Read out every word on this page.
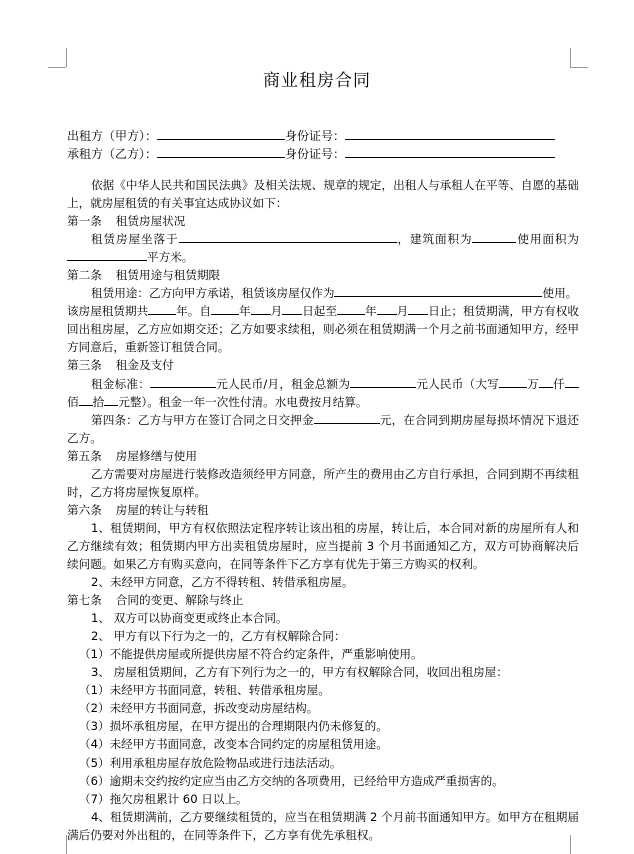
商业租房合同
出租方（甲方）：	身份证号：
承租方（乙方）：	身份证号：

依据《中华人民共和国民法典》及相关法规、规章的规定，出租人与承租人在平等、自愿的基础上，就房屋租赁的有关事宜达成协议如下：

第一条 租赁房屋状况

租赁房屋坐落于	，建筑面积为	使用面积为平方米。

第二条 租赁用途与租赁期限

租赁用途：乙方向甲方承诺，租赁该房屋仅作为	使用。

该房屋租赁期共 年。自 年 月 日起至 年 月 日止；租赁期满，甲方有权收回出租房屋，乙方应如期交还；乙方如要求续租，则必须在租赁期满一个月之前书面通知甲方，经甲方同意后，重新签订租赁合同。

第三条 租金及支付

租金标准：	元人民币/月，租金总额为	元人民币（大写 万 仟佰 拾 元整）。租金一年一次性付清。水电费按月结算。

第四条：乙方与甲方在签订合同之日交押金	元，在合同到期房屋每损坏情况下退还乙方。

第五条 房屋修缮与使用

乙方需要对房屋进行装修改造须经甲方同意，所产生的费用由乙方自行承担，合同到期不再续租时，乙方将房屋恢复原样。

第六条 房屋的转让与转租

1、租赁期间，甲方有权依照法定程序转让该出租的房屋，转让后，本合同对新的房屋所有人和乙方继续有效；租赁期内甲方出卖租赁房屋时，应当提前 3 个月书面通知乙方，双方可协商解决后续问题。如果乙方有购买意向，在同等条件下乙方享有优先于第三方购买的权利。

2、未经甲方同意，乙方不得转租、转借承租房屋。

第七条 合同的变更、解除与终止

1、 双方可以协商变更或终止本合同。

2、 甲方有以下行为之一的，乙方有权解除合同：

（1）不能提供房屋或所提供房屋不符合约定条件，严重影响使用。

3、 房屋租赁期间，乙方有下列行为之一的，甲方有权解除合同，收回出租房屋：

（1）未经甲方书面同意，转租、转借承租房屋。

（2）未经甲方书面同意，拆改变动房屋结构。

（3）损坏承租房屋，在甲方提出的合理期限内仍未修复的。

（4）未经甲方书面同意，改变本合同约定的房屋租赁用途。

（5）利用承租房屋存放危险物品或进行违法活动。

（6）逾期未交约按约定应当由乙方交纳的各项费用，已经给甲方造成严重损害的。

（7）拖欠房租累计 60 日以上。

4、租赁期满前，乙方要继续租赁的，应当在租赁期满 2 个月前书面通知甲方。如甲方在租期届满后仍要对外出租的，在同等条件下，乙方享有优先承租权。
